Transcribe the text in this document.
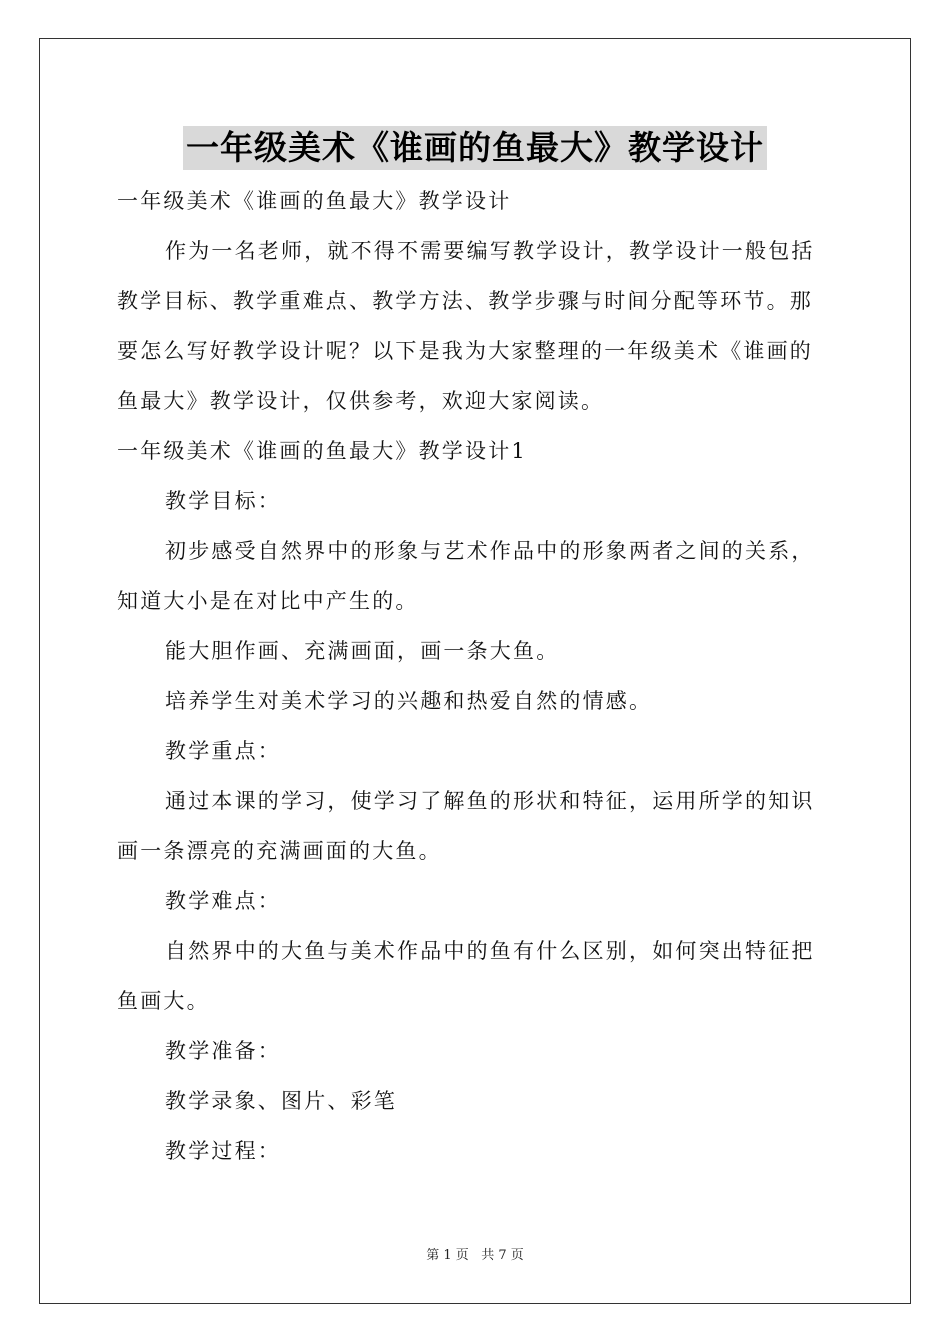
一年级美术《谁画的鱼最大》教学设计

一年级美术《谁画的鱼最大》教学设计

作为一名老师，就不得不需要编写教学设计，教学设计一般包括教学目标、教学重难点、教学方法、教学步骤与时间分配等环节。那要怎么写好教学设计呢？以下是我为大家整理的一年级美术《谁画的鱼最大》教学设计，仅供参考，欢迎大家阅读。

一年级美术《谁画的鱼最大》教学设计1

教学目标：

初步感受自然界中的形象与艺术作品中的形象两者之间的关系，知道大小是在对比中产生的。

能大胆作画、充满画面，画一条大鱼。

培养学生对美术学习的兴趣和热爱自然的情感。

教学重点：

通过本课的学习，使学习了解鱼的形状和特征，运用所学的知识画一条漂亮的充满画面的大鱼。

教学难点：

自然界中的大鱼与美术作品中的鱼有什么区别，如何突出特征把鱼画大。

教学准备：

教学录象、图片、彩笔

教学过程：

第 1 页 共 7 页
